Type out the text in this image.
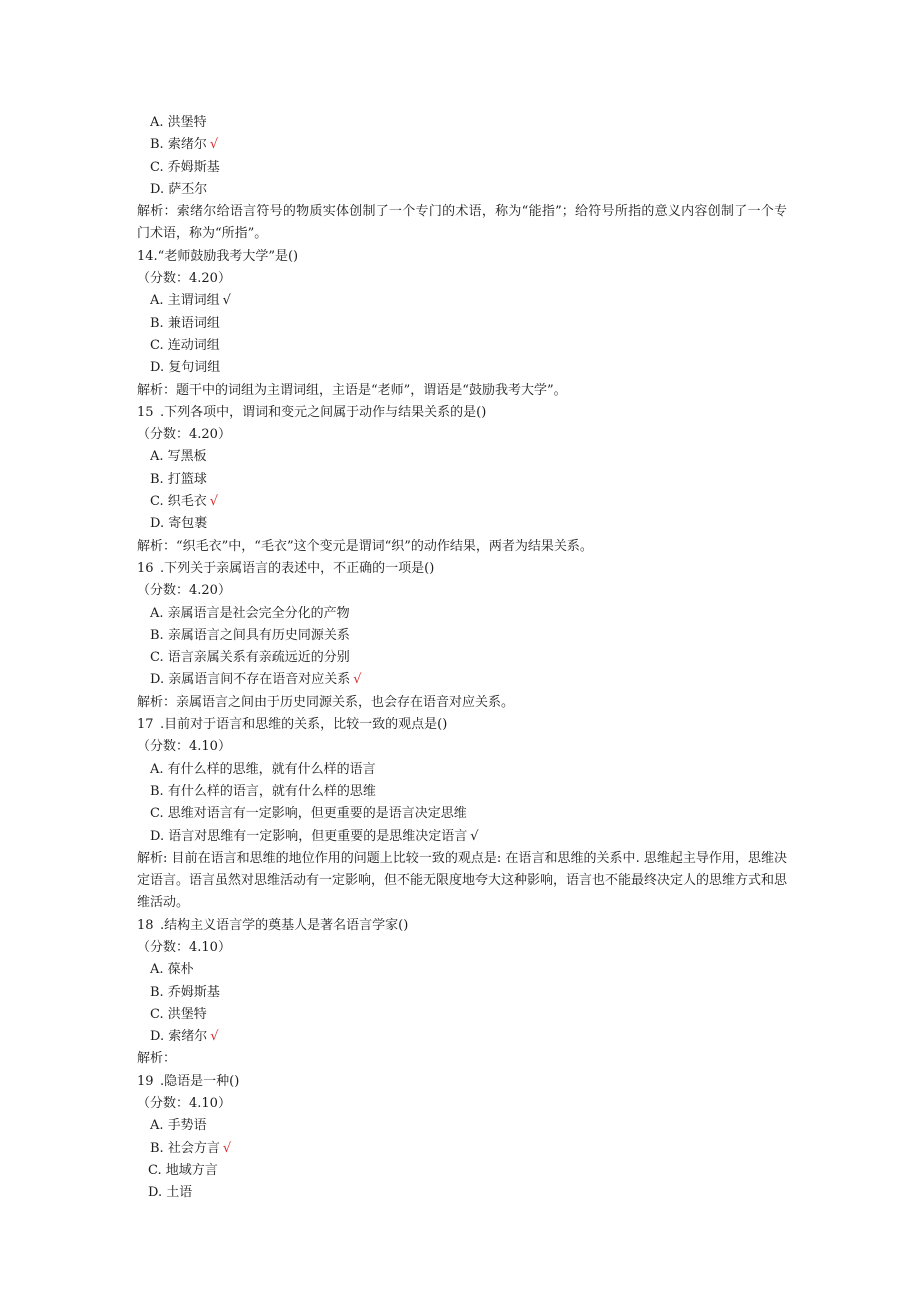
A. 洪堡特
B. 索绪尔 √
C. 乔姆斯基
D. 萨丕尔
解析：索绪尔给语言符号的物质实体创制了一个专门的术语，称为“能指”；给符号所指的意义内容创制了一个专门术语，称为“所指”。
14.“老师鼓励我考大学”是()
（分数：4.20）
A. 主谓词组 √
B. 兼语词组
C. 连动词组
D. 复句词组
解析：题干中的词组为主谓词组，主语是“老师”，谓语是“鼓励我考大学”。
15 .下列各项中，谓词和变元之间属于动作与结果关系的是()
（分数：4.20）
A. 写黑板
B. 打篮球
C. 织毛衣 √
D. 寄包裹
解析：“织毛衣”中，“毛衣”这个变元是谓词“织”的动作结果，两者为结果关系。
16 .下列关于亲属语言的表述中，不正确的一项是()
（分数：4.20）
A. 亲属语言是社会完全分化的产物
B. 亲属语言之间具有历史同源关系
C. 语言亲属关系有亲疏远近的分别
D. 亲属语言间不存在语音对应关系 √
解析：亲属语言之间由于历史同源关系，也会存在语音对应关系。
17 .目前对于语言和思维的关系，比较一致的观点是()
（分数：4.10）
A. 有什么样的思维，就有什么样的语言
B. 有什么样的语言，就有什么样的思维
C. 思维对语言有一定影响，但更重要的是语言决定思维
D. 语言对思维有一定影响，但更重要的是思维决定语言 √
解析: 目前在语言和思维的地位作用的问题上比较一致的观点是: 在语言和思维的关系中. 思维起主导作用，思维决定语言。语言虽然对思维活动有一定影响，但不能无限度地夸大这种影响，语言也不能最终决定人的思维方式和思维活动。
18 .结构主义语言学的奠基人是著名语言学家()
（分数：4.10）
A. 葆朴
B. 乔姆斯基
C. 洪堡特
D. 索绪尔 √
解析：
19 .隐语是一种()
（分数：4.10）
A. 手势语
B. 社会方言 √
C. 地域方言
D. 土语
